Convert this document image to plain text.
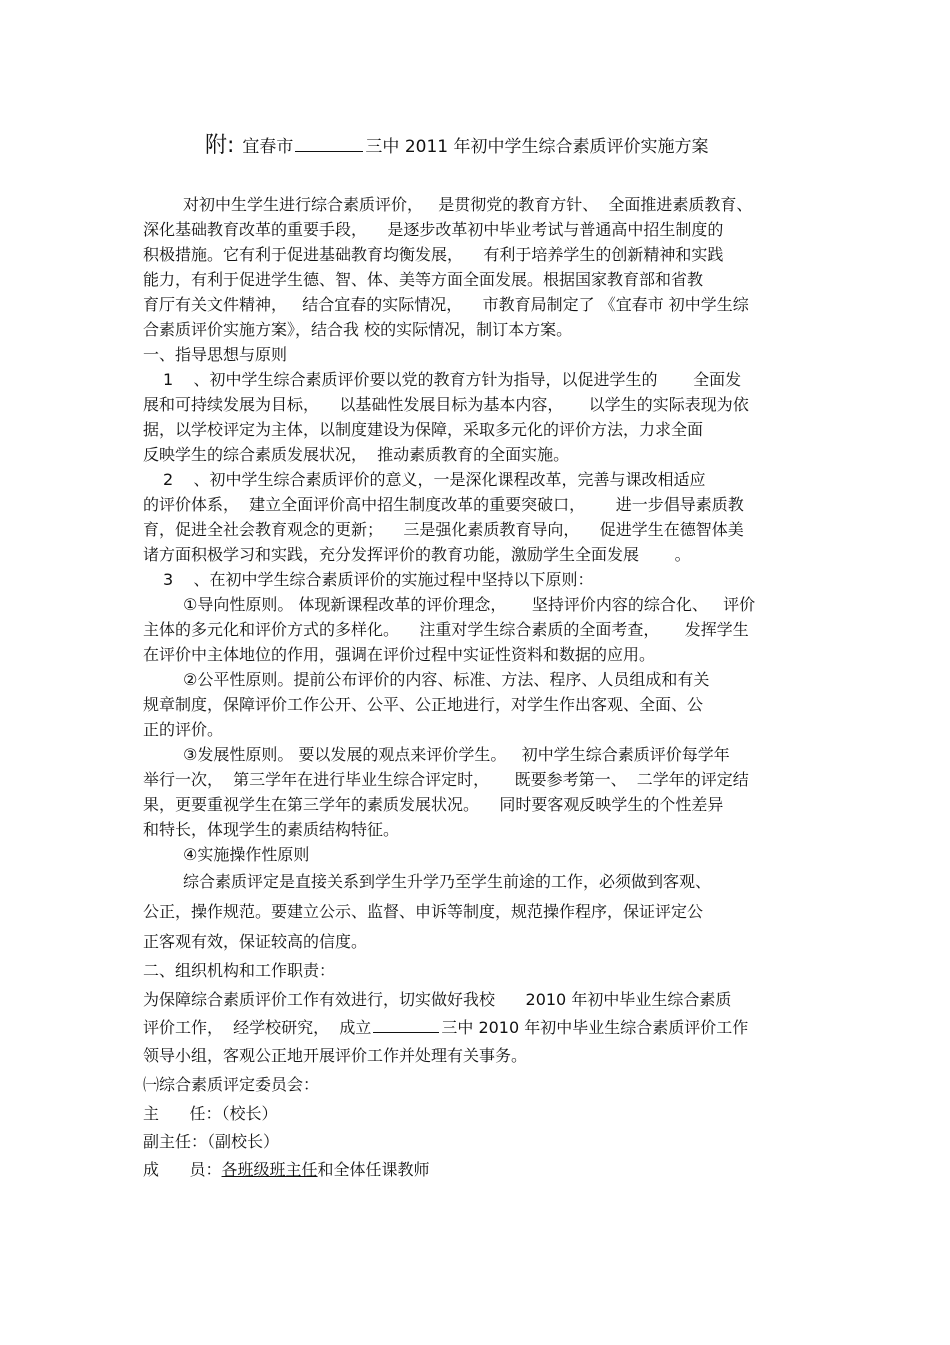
附: 宜春市	三中 2011 年初中学生综合素质评价实施方案
对初中生学生进行综合素质评价，   是贯彻党的教育方针、  全面推进素质教育、
深化基础教育改革的重要手段，    是逐步改革初中毕业考试与普通高中招生制度的
积极措施。它有利于促进基础教育均衡发展，    有利于培养学生的创新精神和实践
能力，有利于促进学生德、智、体、美等方面全面发展。根据国家教育部和省教
育厅有关文件精神，   结合宜春的实际情况，    市教育局制定了 《宜春市 初中学生综
合素质评价实施方案》，结合我 校的实际情况，制订本方案。
一、指导思想与原则
1    、初中学生综合素质评价要以党的教育方针为指导，以促进学生的       全面发
展和可持续发展为目标，    以基础性发展目标为基本内容，     以学生的实际表现为依
据，以学校评定为主体，以制度建设为保障，采取多元化的评价方法，力求全面
反映学生的综合素质发展状况，  推动素质教育的全面实施。
2    、初中学生综合素质评价的意义，一是深化课程改革，完善与课改相适应
的评价体系，  建立全面评价高中招生制度改革的重要突破口，      进一步倡导素质教
育，促进全社会教育观念的更新；    三是强化素质教育导向，    促进学生在德智体美
诸方面积极学习和实践，充分发挥评价的教育功能，激励学生全面发展       。
3    、在初中学生综合素质评价的实施过程中坚持以下原则：
①导向性原则。 体现新课程改革的评价理念，     坚持评价内容的综合化、   评价
主体的多元化和评价方式的多样化。    注重对学生综合素质的全面考查，     发挥学生
在评价中主体地位的作用，强调在评价过程中实证性资料和数据的应用。
②公平性原则。提前公布评价的内容、标准、方法、程序、人员组成和有关
规章制度，保障评价工作公开、公平、公正地进行，对学生作出客观、全面、公
正的评价。
③发展性原则。 要以发展的观点来评价学生。   初中学生综合素质评价每学年
举行一次，  第三学年在进行毕业生综合评定时，     既要参考第一、  二学年的评定结
果，更要重视学生在第三学年的素质发展状况。    同时要客观反映学生的个性差异
和特长，体现学生的素质结构特征。
④实施操作性原则
综合素质评定是直接关系到学生升学乃至学生前途的工作，必须做到客观、
公正，操作规范。要建立公示、监督、申诉等制度，规范操作程序，保证评定公
正客观有效，保证较高的信度。
二、组织机构和工作职责：
为保障综合素质评价工作有效进行，切实做好我校      2010 年初中毕业生综合素质
评价工作，  经学校研究，  成立	三中 2010 年初中毕业生综合素质评价工作
领导小组，客观公正地开展评价工作并处理有关事务。
㈠综合素质评定委员会：
主      任：（校长）
副主任：（副校长）
成      员：各班级班主任和全体任课教师
